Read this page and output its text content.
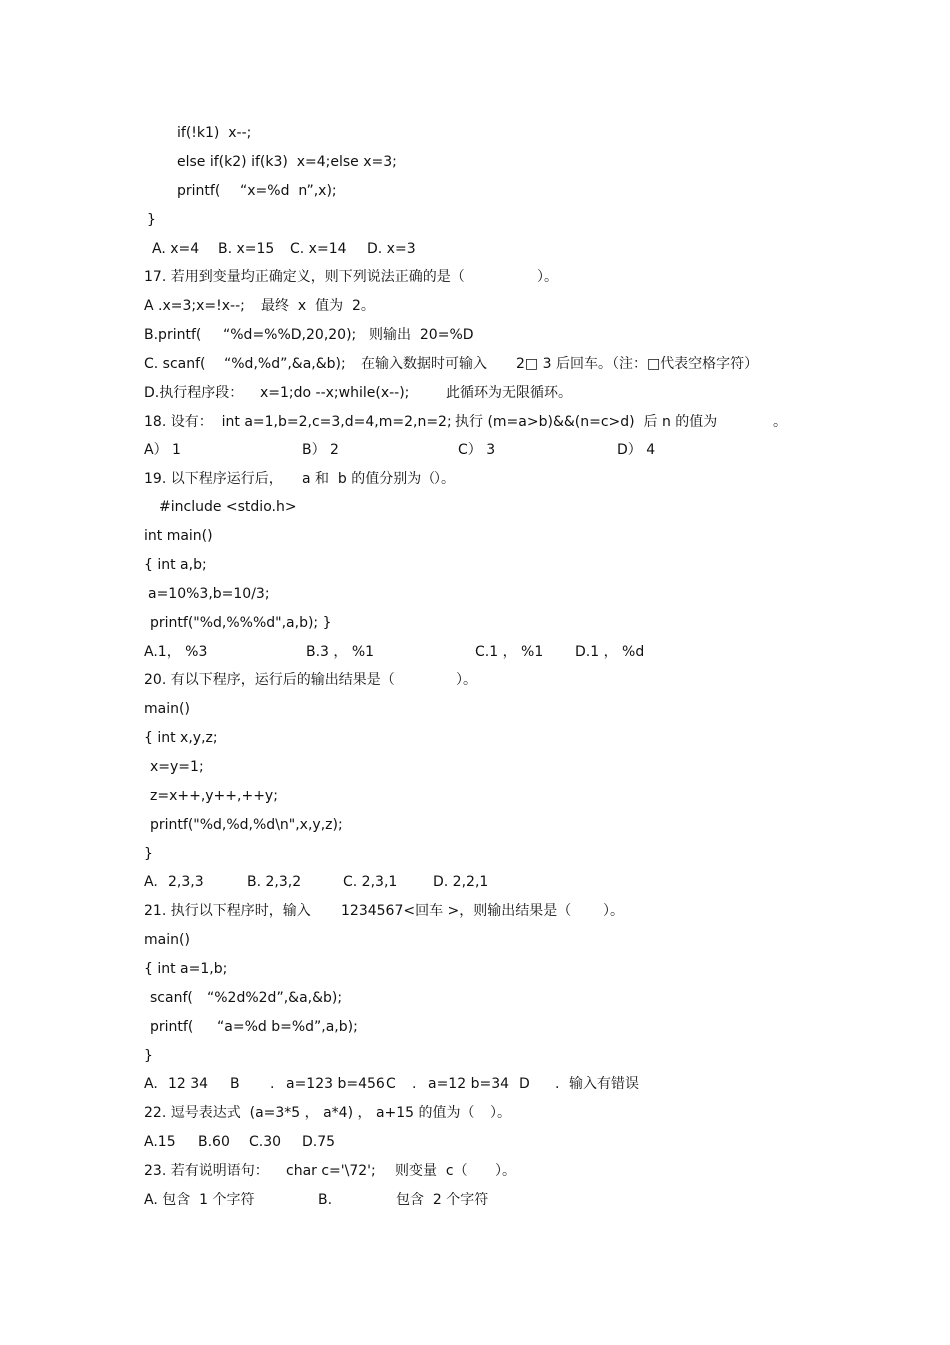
if(!k1)  x--;
else if(k2) if(k3)  x=4;else x=3;
printf( “x=%d  n”,x);
}
A. x=4 B. x=15 C. x=14 D. x=3
17. 若用到变量均正确定义，则下列说法正确的是（	）。
A .x=3;x=!x--; 最终  x  值为  2。
B.printf( “%d=%%D,20,20); 则输出  20=%D
C. scanf( “%d,%d”,&a,&b); 在输入数据时可输入 2□ 3 后回车。（注：□代表空格字符）
D.执行程序段： x=1;do --x;while(x--);	此循环为无限循环。
18. 设有：  int a=1,b=2,c=3,d=4,m=2,n=2; 执行 (m=a>b)&&(n=c>d)  后 n 的值为	。
A） 1	B） 2	C） 3	D） 4
19. 以下程序运行后， a 和  b 的值分别为（
）。
#include <stdio.h>
int main()
{ int a,b;
a=10%3,b=10/3;
printf("%d,%%%d",a,b); }
A.1， %3	B.3 ， %1	C.1 ， %1 D.1 ， %d
20. 有以下程序，运行后的输出结果是（	）。
main()
{ int x,y,z;
x=y=1;
z=x++,y++,++y;
printf("%d,%d,%d\n",x,y,z);
}
A. 2,3,3	B. 2,3,2	C. 2,3,1	D. 2,2,1
21. 执行以下程序时，输入 1234567<回车 >，则输出结果是（ ）。
main()
{ int a=1,b;
scanf( “%2d%2d”,&a,&b);
printf( “a=%d b=%d”,a,b);
}
A. 12 34 B . a=123 b=456 C . a=12 b=34 D . 输入有错误
22. 逗号表达式  (a=3*5 ， a*4) ， a+15 的值为（ ）。
A.15 B.60 C.30 D.75
23. 若有说明语句： char c='\72'; 则变量  c（ ）。
A. 包含  1 个字符	B.	包含  2 个字符
